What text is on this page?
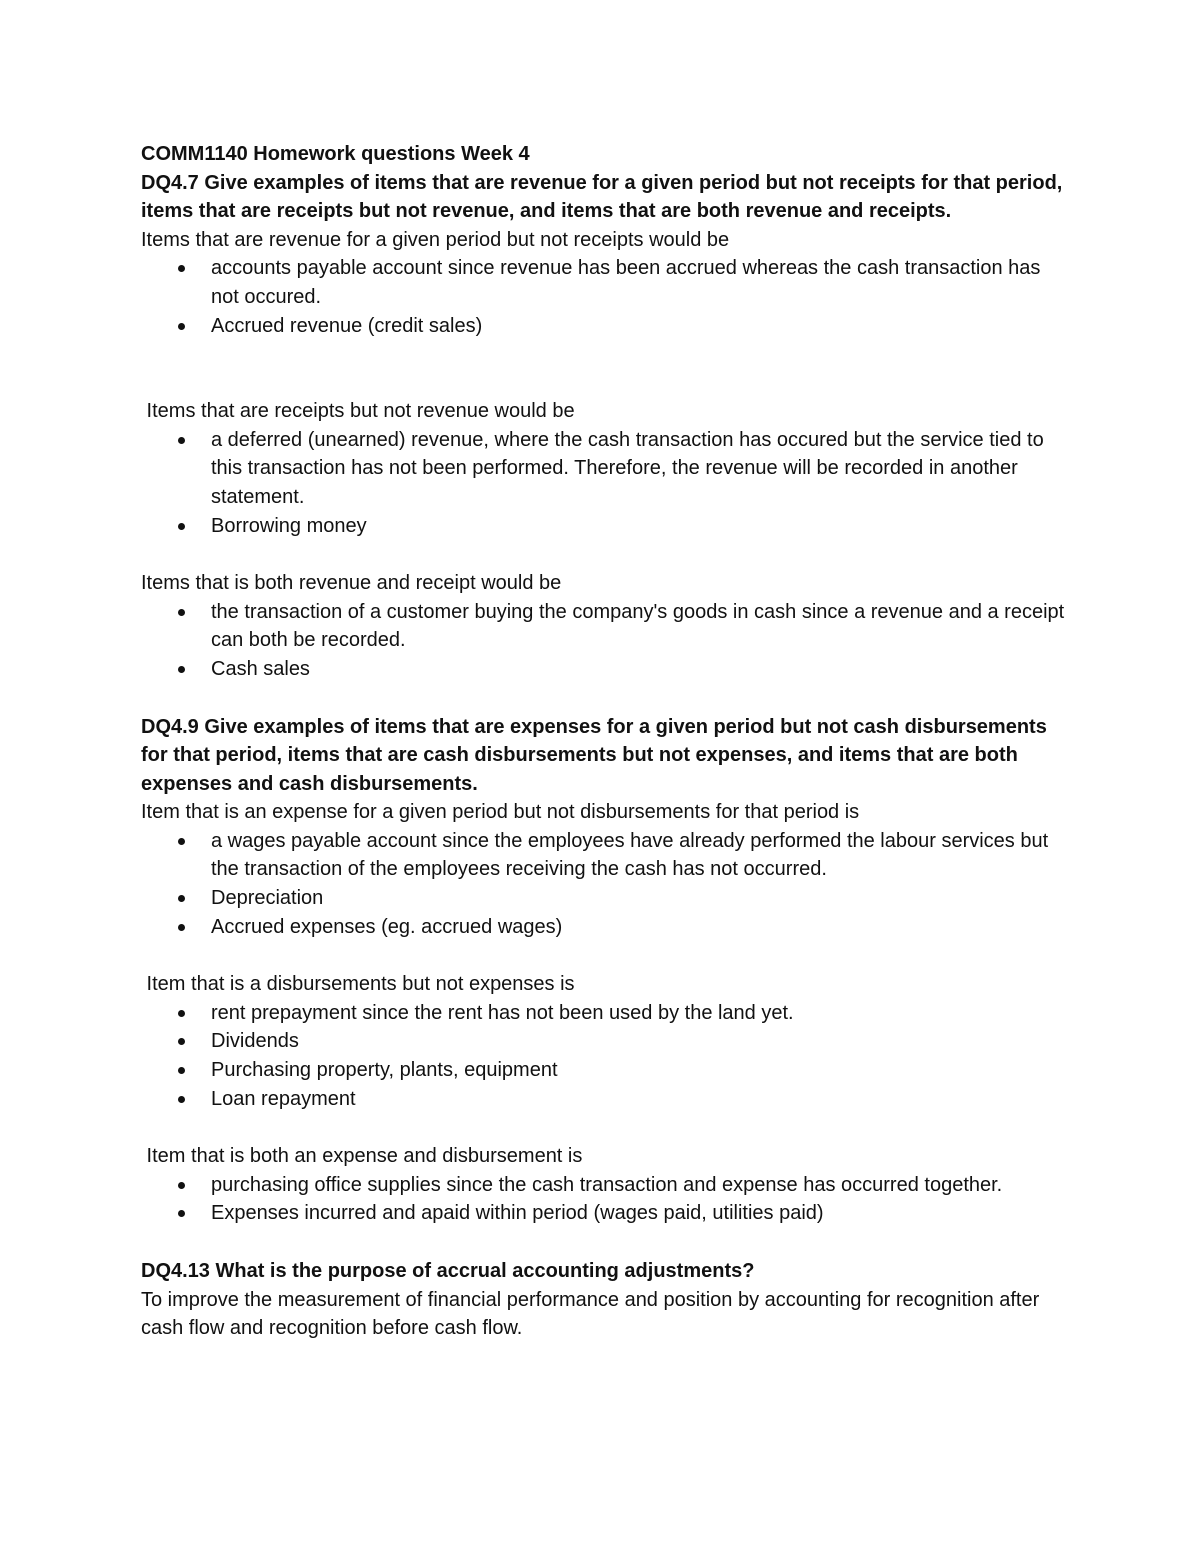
COMM1140 Homework questions Week 4

DQ4.7 Give examples of items that are revenue for a given period but not receipts for that period, items that are receipts but not revenue, and items that are both revenue and receipts.

Items that are revenue for a given period but not receipts would be

accounts payable account since revenue has been accrued whereas the cash transaction has not occured.
Accrued revenue (credit sales)

Items that are receipts but not revenue would be

a deferred (unearned) revenue, where the cash transaction has occured but the service tied to this transaction has not been performed. Therefore, the revenue will be recorded in another statement.
Borrowing money

Items that is both revenue and receipt would be

the transaction of a customer buying the company's goods in cash since a revenue and a receipt can both be recorded.
Cash sales

DQ4.9 Give examples of items that are expenses for a given period but not cash disbursements for that period, items that are cash disbursements but not expenses, and items that are both expenses and cash disbursements.

Item that is an expense for a given period but not disbursements for that period is

a wages payable account since the employees have already performed the labour services but the transaction of the employees receiving the cash has not occurred.
Depreciation
Accrued expenses (eg. accrued wages)

Item that is a disbursements but not expenses is

rent prepayment since the rent has not been used by the land yet.
Dividends
Purchasing property, plants, equipment
Loan repayment

Item that is both an expense and disbursement is

purchasing office supplies since the cash transaction and expense has occurred together.
Expenses incurred and apaid within period (wages paid, utilities paid)

DQ4.13 What is the purpose of accrual accounting adjustments?

To improve the measurement of financial performance and position by accounting for recognition after cash flow and recognition before cash flow.
